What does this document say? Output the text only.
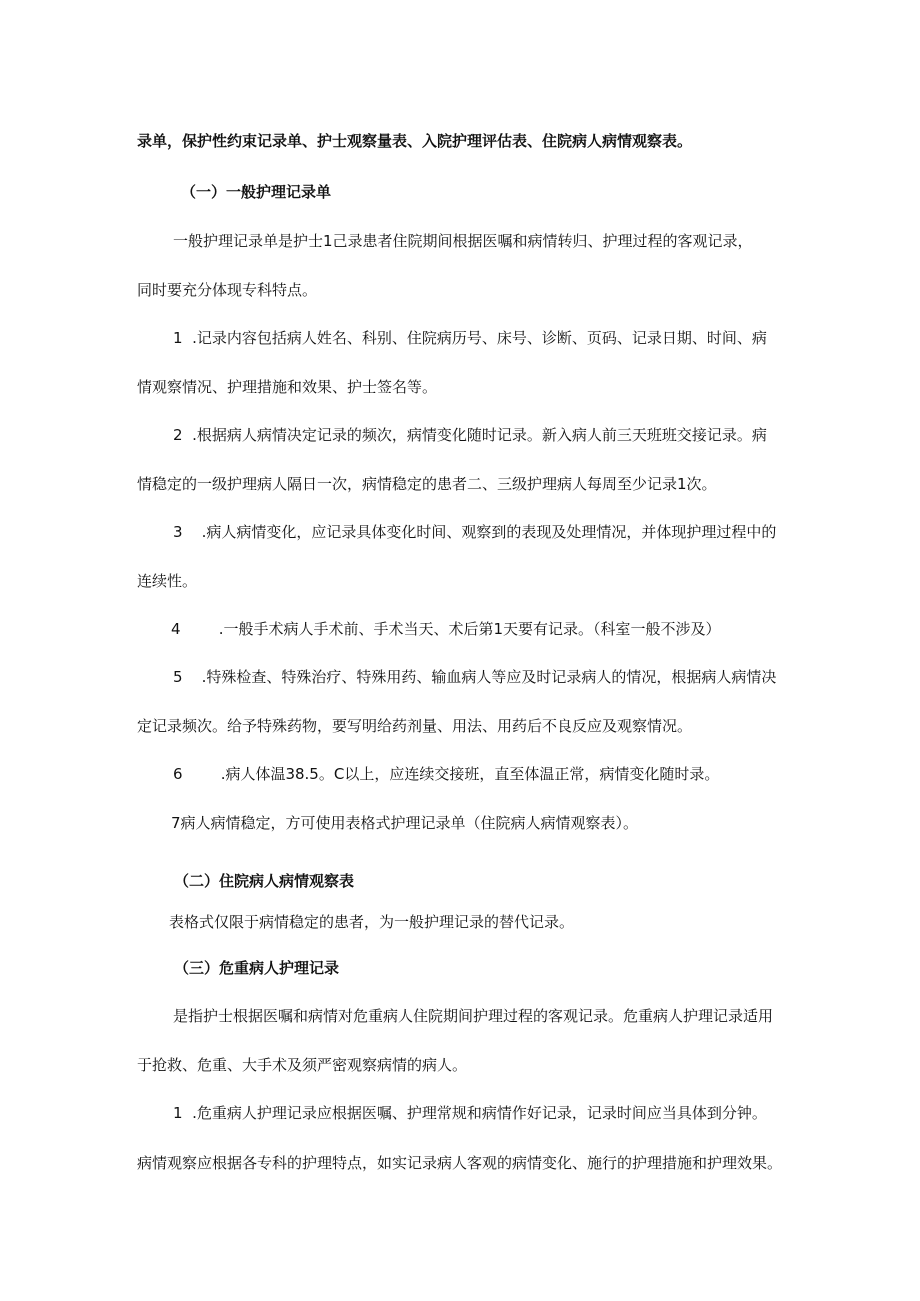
录单，保护性约束记录单、护士观察量表、入院护理评估表、住院病人病情观察表。
（一）一般护理记录单
一般护理记录单是护士1己录患者住院期间根据医嘱和病情转归、护理过程的客观记录，
同时要充分体现专科特点。
1  .记录内容包括病人姓名、科别、住院病历号、床号、诊断、页码、记录日期、时间、病
情观察情况、护理措施和效果、护士签名等。
2  .根据病人病情决定记录的频次，病情变化随时记录。新入病人前三天班班交接记录。病
情稳定的一级护理病人隔日一次，病情稳定的患者二、三级护理病人每周至少记录1次。
3    .病人病情变化，应记录具体变化时间、观察到的表现及处理情况，并体现护理过程中的
连续性。
4        .一般手术病人手术前、手术当天、术后第1天要有记录。（科室一般不涉及）
5    .特殊检查、特殊治疗、特殊用药、输血病人等应及时记录病人的情况，根据病人病情决
定记录频次。给予特殊药物，要写明给药剂量、用法、用药后不良反应及观察情况。
6        .病人体温38.5。C以上，应连续交接班，直至体温正常，病情变化随时录。
7病人病情稳定，方可使用表格式护理记录单（住院病人病情观察表）。
（二）住院病人病情观察表
表格式仅限于病情稳定的患者，为一般护理记录的替代记录。
（三）危重病人护理记录
是指护士根据医嘱和病情对危重病人住院期间护理过程的客观记录。危重病人护理记录适用
于抢救、危重、大手术及须严密观察病情的病人。
1  .危重病人护理记录应根据医嘱、护理常规和病情作好记录，记录时间应当具体到分钟。
病情观察应根据各专科的护理特点，如实记录病人客观的病情变化、施行的护理措施和护理效果。
